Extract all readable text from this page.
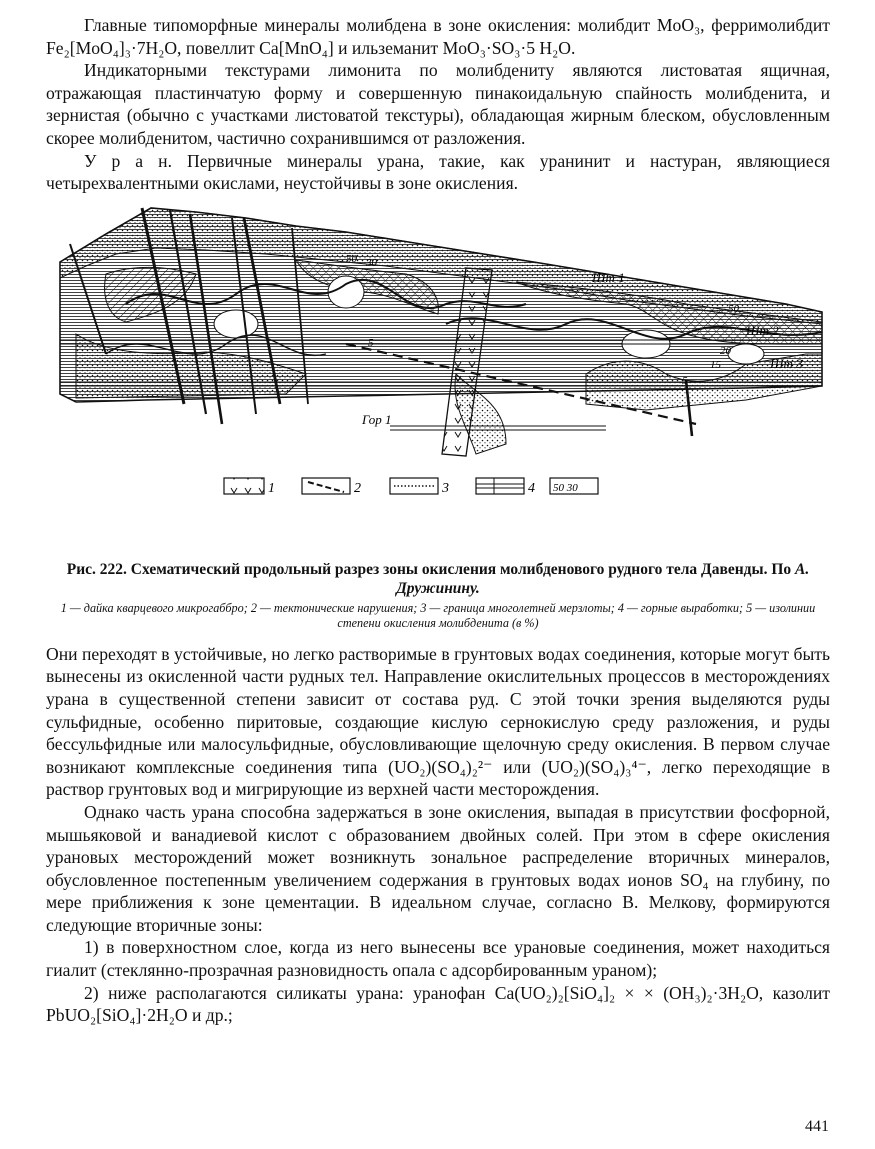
Главные типоморфные минералы молибдена в зоне окисления: молибдит MoO₃, ферримолибдит Fe₂[MoO₄]₃·7H₂O, повеллит Ca[MnO₄] и ильземанит MoO₃·SO₃·5 H₂O.

Индикаторными текстурами лимонита по молибдениту являются листоватая ящичная, отражающая пластинчатую форму и совершенную пинакоидальную спайность молибденита, и зернистая (обычно с участками листоватой текстуры), обладающая жирным блеском, обусловленным скорее молибденитом, частично сохранившимся от разложения.

У р а н. Первичные минералы урана, такие, как уранинит и настуран, являющиеся четырехвалентными окислами, неустойчивы в зоне окисления.

Шт 1
Шт 2
Шт 3
Гор 1
50 30
50
20
15
5
5
1	2	3	4 50 30
Рис. 222. Схематический продольный разрез зоны окисления молибденового рудного тела Давенды. По А. Дружинину.
1 — дайка кварцевого микрогаббро; 2 — тектонические нарушения; 3 — граница многолетней мерзлоты; 4 — горные выработки; 5 — изолинии степени окисления молибденита (в %)

Они переходят в устойчивые, но легко растворимые в грунтовых водах соединения, которые могут быть вынесены из окисленной части рудных тел. Направление окислительных процессов в месторождениях урана в существенной степени зависит от состава руд. С этой точки зрения выделяются руды сульфидные, особенно пиритовые, создающие кислую сернокислую среду разложения, и руды бессульфидные или малосульфидные, обусловливающие щелочную среду окисления. В первом случае возникают комплексные соединения типа (UO₂)(SO₄)₂²⁻ или (UO₂)(SO₄)₃⁴⁻, легко переходящие в раствор грунтовых вод и мигрирующие из верхней части месторождения.

Однако часть урана способна задержаться в зоне окисления, выпадая в присутствии фосфорной, мышьяковой и ванадиевой кислот с образованием двойных солей. При этом в сфере окисления урановых месторождений может возникнуть зональное распределение вторичных минералов, обусловленное постепенным увеличением содержания в грунтовых водах ионов SO₄ на глубину, по мере приближения к зоне цементации. В идеальном случае, согласно В. Мелкову, формируются следующие вторичные зоны:

1) в поверхностном слое, когда из него вынесены все урановые соединения, может находиться гиалит (стеклянно-прозрачная разновидность опала с адсорбированным ураном);

2) ниже располагаются силикаты урана: уранофан Ca(UO₂)₂[SiO₄]₂ × × (OH₃)₂·3H₂O, казолит PbUO₂[SiO₄]·2H₂O и др.;

441
